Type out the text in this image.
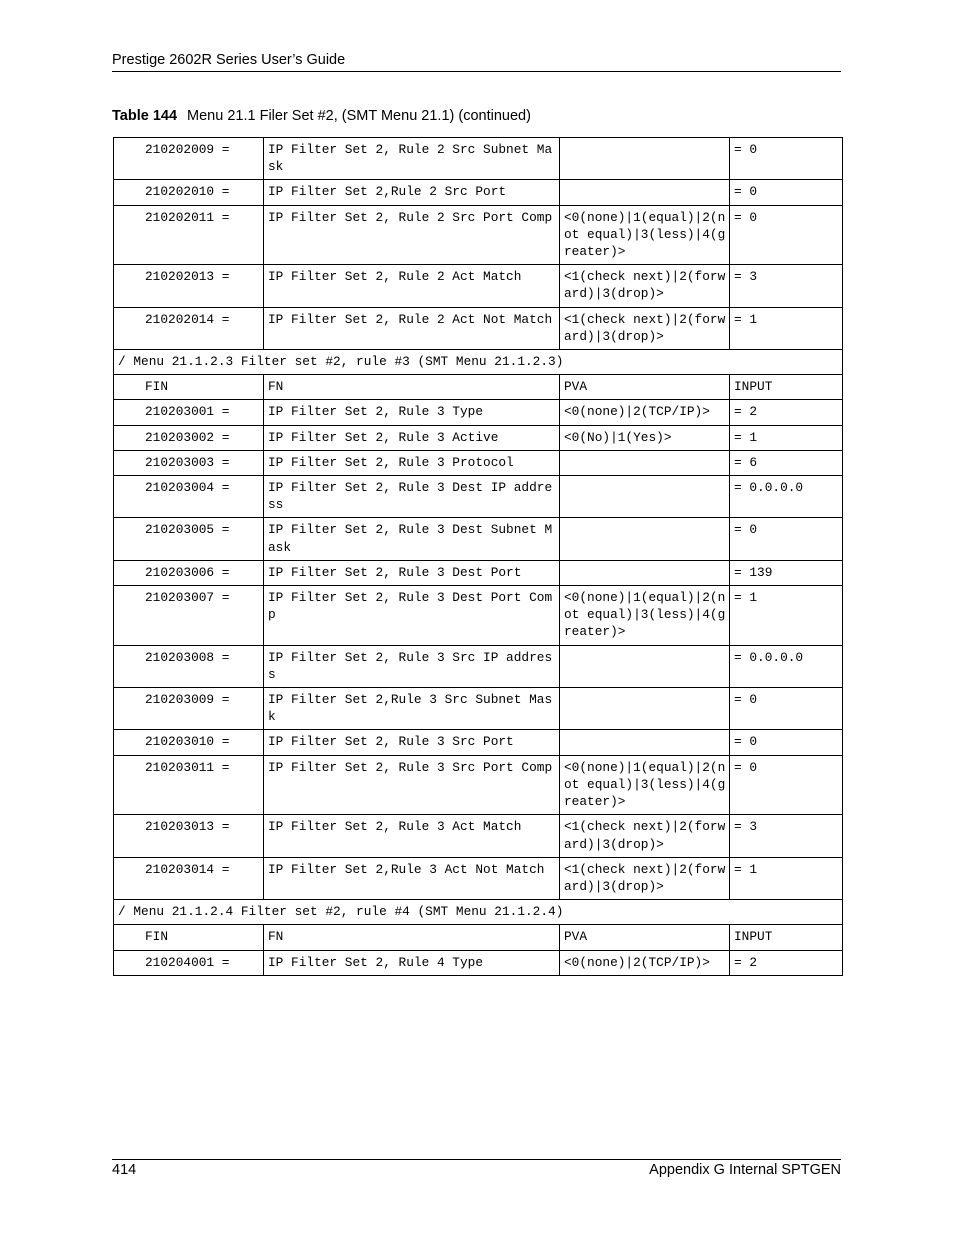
Prestige 2602R Series User’s Guide
Table 144 Menu 21.1 Filer Set #2, (SMT Menu 21.1) (continued)
210202009 =	IP Filter Set 2, Rule 2 Src Subnet Mask		= 0
210202010 =	IP Filter Set 2,Rule 2 Src Port		= 0
210202011 =	IP Filter Set 2, Rule 2 Src Port Comp	<0(none)|1(equal)|2(not equal)|3(less)|4(greater)>	= 0
210202013 =	IP Filter Set 2, Rule 2 Act Match	<1(check next)|2(forward)|3(drop)>	= 3
210202014 =	IP Filter Set 2, Rule 2 Act Not Match	<1(check next)|2(forward)|3(drop)>	= 1
/ Menu 21.1.2.3 Filter set #2, rule #3 (SMT Menu 21.1.2.3)			
FIN	FN	PVA	INPUT
210203001 =	IP Filter Set 2, Rule 3 Type	<0(none)|2(TCP/IP)>	= 2
210203002 =	IP Filter Set 2, Rule 3 Active	<0(No)|1(Yes)>	= 1
210203003 =	IP Filter Set 2, Rule 3 Protocol		= 6
210203004 =	IP Filter Set 2, Rule 3 Dest IP address		= 0.0.0.0
210203005 =	IP Filter Set 2, Rule 3 Dest Subnet Mask		= 0
210203006 =	IP Filter Set 2, Rule 3 Dest Port		= 139
210203007 =	IP Filter Set 2, Rule 3 Dest Port Comp	<0(none)|1(equal)|2(not equal)|3(less)|4(greater)>	= 1
210203008 =	IP Filter Set 2, Rule 3 Src IP address		= 0.0.0.0
210203009 =	IP Filter Set 2,Rule 3 Src Subnet Mask		= 0
210203010 =	IP Filter Set 2, Rule 3 Src Port		= 0
210203011 =	IP Filter Set 2, Rule 3 Src Port Comp	<0(none)|1(equal)|2(not equal)|3(less)|4(greater)>	= 0
210203013 =	IP Filter Set 2, Rule 3 Act Match	<1(check next)|2(forward)|3(drop)>	= 3
210203014 =	IP Filter Set 2,Rule 3 Act Not Match	<1(check next)|2(forward)|3(drop)>	= 1
/ Menu 21.1.2.4 Filter set #2, rule #4 (SMT Menu 21.1.2.4)			
FIN	FN	PVA	INPUT
210204001 =	IP Filter Set 2, Rule 4 Type	<0(none)|2(TCP/IP)>	= 2
414	Appendix G Internal SPTGEN
